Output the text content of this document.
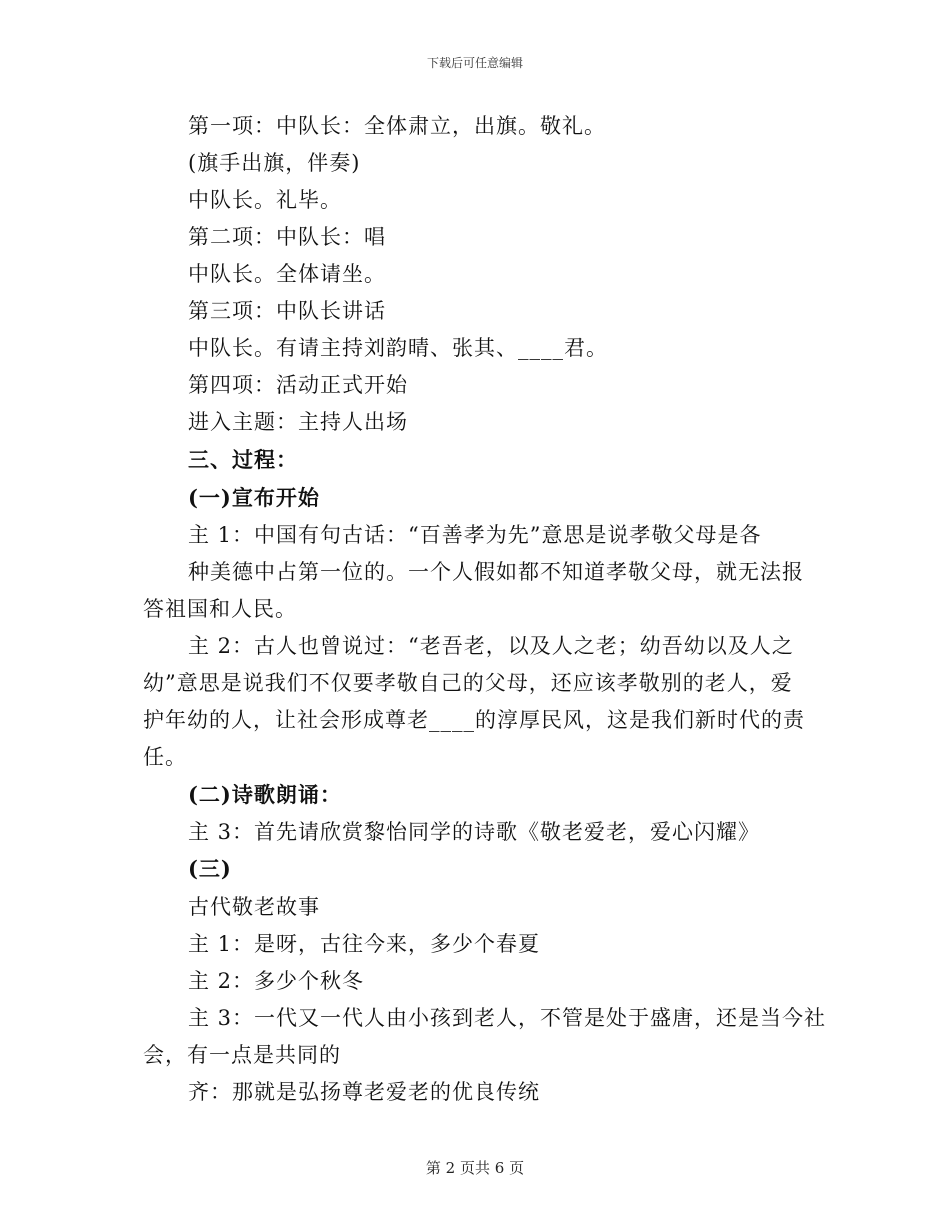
下载后可任意编辑
第一项：中队长：全体肃立，出旗。敬礼。
(旗手出旗，伴奏)
中队长。礼毕。
第二项：中队长：唱
中队长。全体请坐。
第三项：中队长讲话
中队长。有请主持刘韵晴、张其、____君。
第四项：活动正式开始
进入主题：主持人出场
三、过程：
(一)宣布开始
主 1：中国有句古话：“百善孝为先”意思是说孝敬父母是各
种美德中占第一位的。一个人假如都不知道孝敬父母，就无法报
答祖国和人民。
主 2：古人也曾说过：“老吾老，以及人之老；幼吾幼以及人之
幼”意思是说我们不仅要孝敬自己的父母，还应该孝敬别的老人，爱
护年幼的人，让社会形成尊老____的淳厚民风，这是我们新时代的责
任。
(二)诗歌朗诵：
主 3：首先请欣赏黎怡同学的诗歌《敬老爱老，爱心闪耀》
(三)
古代敬老故事
主 1：是呀，古往今来，多少个春夏
主 2：多少个秋冬
主 3：一代又一代人由小孩到老人，不管是处于盛唐，还是当今社
会，有一点是共同的
齐：那就是弘扬尊老爱老的优良传统
第 2 页共 6 页
